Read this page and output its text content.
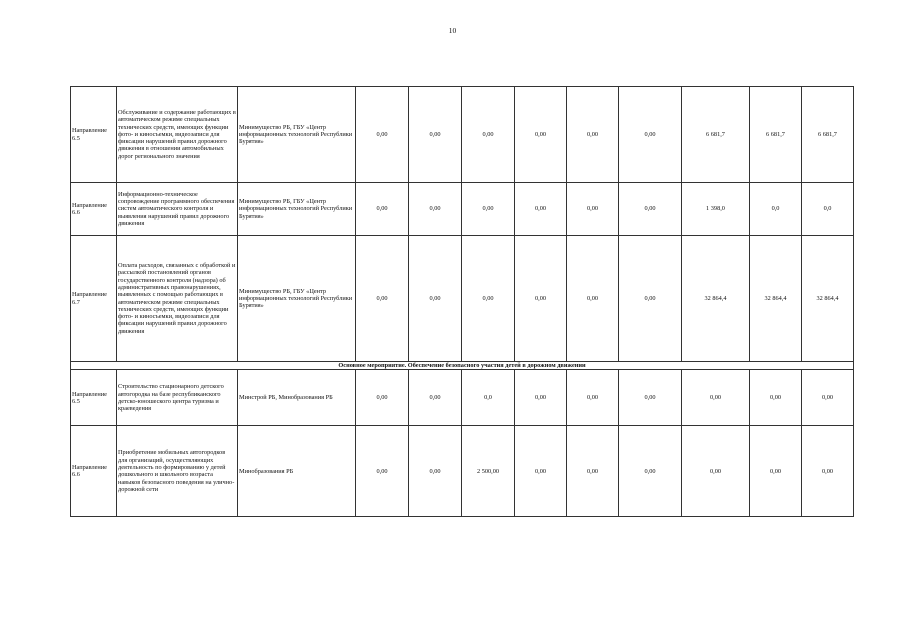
10
Направление 6.5	Обслуживание и содержание работающих в автоматическом режиме специальных технических средств, имеющих функции фото- и киносъемки, видеозаписи для фиксации нарушений правил дорожного движения в отношении автомобильных дорог регионального значения	Минимущество РБ, ГБУ «Центр информационных технологий Республики Бурятия»	0,00	0,00	0,00	0,00	0,00	0,00	6 681,7	6 681,7	6 681,7
Направление 6.6	Информационно-техническое сопровождение программного обеспечения систем автоматического контроля и выявления нарушений правил дорожного движения	Минимущество РБ, ГБУ «Центр информационных технологий Республики Бурятия»	0,00	0,00	0,00	0,00	0,00	0,00	1 398,0	0,0	0,0
Направление 6.7	Оплата расходов, связанных с обработкой и рассылкой постановлений органов государственного контроля (надзора) об административных правонарушениях, выявленных с помощью работающих в автоматическом режиме специальных технических средств, имеющих функции фото- и киносъемки, видеозаписи для фиксации нарушений правил дорожного движения	Минимущество РБ, ГБУ «Центр информационных технологий Республики Бурятия»	0,00	0,00	0,00	0,00	0,00	0,00	32 864,4	32 864,4	32 864,4
Основное мероприятие. Обеспечение безопасного участия детей в дорожном движении											
Направление 6.5	Строительство стационарного детского автогородка на базе республиканского детско-юношеского центра туризма и краеведения	Минстрой РБ, Минобразования РБ	0,00	0,00	0,0	0,00	0,00	0,00	0,00	0,00	0,00
Направление 6.6	Приобретение мобильных автогородков для организаций, осуществляющих деятельность по формированию у детей дошкольного и школьного возраста навыков безопасного поведения на улично-дорожной сети	Минобразования РБ	0,00	0,00	2 500,00	0,00	0,00	0,00	0,00	0,00	0,00
